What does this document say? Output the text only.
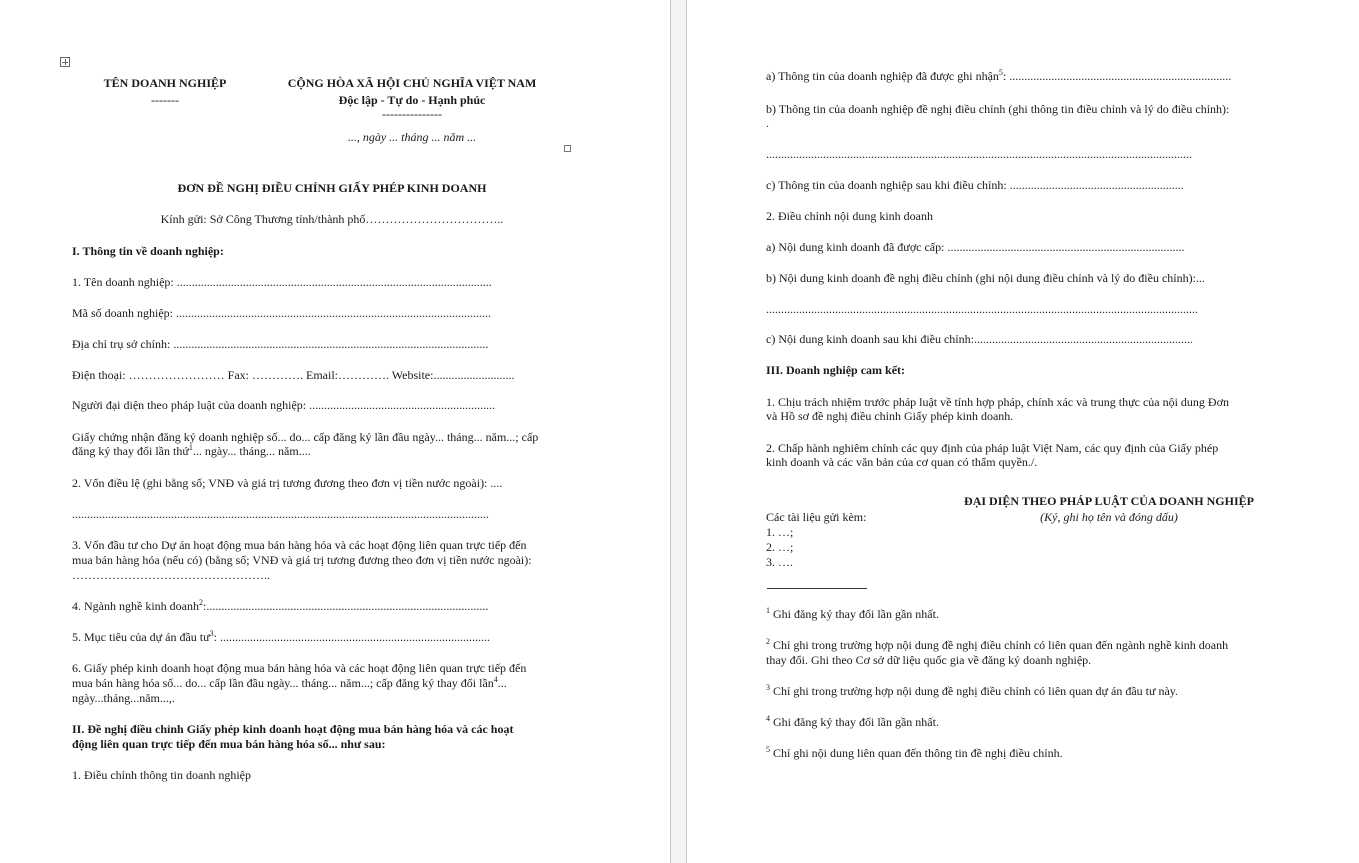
TÊN DOANH NGHIỆP
-------
CỘNG HÒA XÃ HỘI CHỦ NGHĨA VIỆT NAM
Độc lập - Tự do - Hạnh phúc
---------------
..., ngày ... tháng ... năm ...
ĐƠN ĐỀ NGHỊ ĐIỀU CHỈNH GIẤY PHÉP KINH DOANH
Kính gửi: Sở Công Thương tỉnh/thành phố……………………………..
I. Thông tin về doanh nghiệp:
1. Tên doanh nghiệp: .........................................................................................................
Mã số doanh nghiệp: .........................................................................................................
Địa chỉ trụ sở chính: .........................................................................................................
Điện thoại: …………………… Fax: …………. Email:…………. Website:...........................
Người đại diện theo pháp luật của doanh nghiệp: ..............................................................
Giấy chứng nhận đăng ký doanh nghiệp số... do... cấp đăng ký lần đầu ngày... tháng... năm...; cấp
đăng ký thay đổi lần thứ$^1$... ngày... tháng... năm....
2. Vốn điều lệ (ghi bằng số; VNĐ và giá trị tương đương theo đơn vị tiền nước ngoài): ....
...........................................................................................................................................
3. Vốn đầu tư cho Dự án hoạt động mua bán hàng hóa và các hoạt động liên quan trực tiếp đến
mua bán hàng hóa (nếu có) (bằng số; VNĐ và giá trị tương đương theo đơn vị tiền nước ngoài):
…………………………………………..
4. Ngành nghề kinh doanh$^2$:..............................................................................................
5. Mục tiêu của dự án đầu $tư^3$: ..........................................................................................
6. Giấy phép kinh doanh hoạt động mua bán hàng hóa và các hoạt động liên quan trực tiếp đến
mua bán hàng hóa số... do... cấp lần đầu ngày... tháng... năm...; cấp đăng ký thay đổi lần$^4$...
ngày...tháng...năm...,.
II. Đề nghị điều chỉnh Giấy phép kinh doanh hoạt động mua bán hàng hóa và các hoạt
động liên quan trực tiếp đến mua bán hàng hóa số... như sau:
1. Điều chỉnh thông tin doanh nghiệp
a) Thông tin của doanh nghiệp đã được ghi nhận$^5$: ..........................................................................
b) Thông tin của doanh nghiệp đề nghị điều chỉnh (ghi thông tin điều chỉnh và lý do điều chỉnh):
.
..............................................................................................................................................
c) Thông tin của doanh nghiệp sau khi điều chỉnh: ..........................................................
2. Điều chỉnh nội dung kinh doanh
a) Nội dung kinh doanh đã được cấp: ...............................................................................
b) Nội dung kinh doanh đề nghị điều chỉnh (ghi nội dung điều chỉnh và lý do điều chỉnh):...
................................................................................................................................................
c) Nội dung kinh doanh sau khi điều chỉnh:.........................................................................
III. Doanh nghiệp cam kết:
1. Chịu trách nhiệm trước pháp luật về tính hợp pháp, chính xác và trung thực của nội dung Đơn
và Hồ sơ đề nghị điều chỉnh Giấy phép kinh doanh.
2. Chấp hành nghiêm chỉnh các quy định của pháp luật Việt Nam, các quy định của Giấy phép
kinh doanh và các văn bản của cơ quan có thẩm quyền./.
ĐẠI DIỆN THEO PHÁP LUẬT CỦA DOANH NGHIỆP
(Ký, ghi họ tên và đóng dấu)
Các tài liệu gửi kèm:
1. …;
2. …;
3. ….
$^1$ Ghi đăng ký thay đổi lần gần nhất.
$^2$ Chỉ ghi trong trường hợp nội dung đề nghị điều chỉnh có liên quan đến ngành nghề kinh doanh
thay đổi. Ghi theo Cơ sở dữ liệu quốc gia về đăng ký doanh nghiệp.
$^3$ Chỉ ghi trong trường hợp nội dung đề nghị điều chỉnh có liên quan dự án đầu tư này.
$^4$ Ghi đăng ký thay đổi lần gần nhất.
$^5$ Chỉ ghi nội dung liên quan đến thông tin đề nghị điều chỉnh.
